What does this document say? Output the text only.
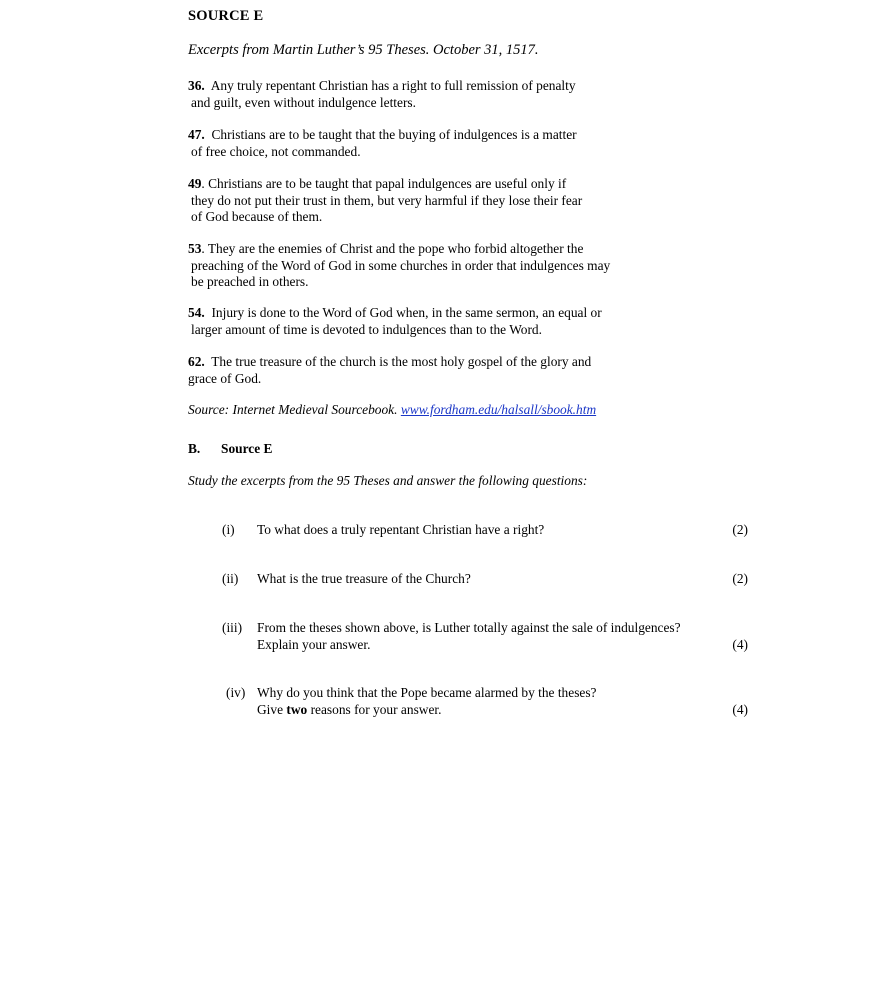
SOURCE E
Excerpts from Martin Luther’s 95 Theses. October 31, 1517.
36. Any truly repentant Christian has a right to full remission of penalty
and guilt, even without indulgence letters.
47. Christians are to be taught that the buying of indulgences is a matter
of free choice, not commanded.
49. Christians are to be taught that papal indulgences are useful only if
they do not put their trust in them, but very harmful if they lose their fear
of God because of them.
53. They are the enemies of Christ and the pope who forbid altogether the
preaching of the Word of God in some churches in order that indulgences may
be preached in others.
54. Injury is done to the Word of God when, in the same sermon, an equal or
larger amount of time is devoted to indulgences than to the Word.
62. The true treasure of the church is the most holy gospel of the glory and
grace of God.
Source: Internet Medieval Sourcebook. www.fordham.edu/halsall/sbook.htm
B. Source E
Study the excerpts from the 95 Theses and answer the following questions:
(i) To what does a truly repentant Christian have a right?	(2)
(ii) What is the true treasure of the Church?	(2)
(iii) From the theses shown above, is Luther totally against the sale of indulgences?
Explain your answer.	(4)
(iv) Why do you think that the Pope became alarmed by the theses?
Give two reasons for your answer.	(4)
